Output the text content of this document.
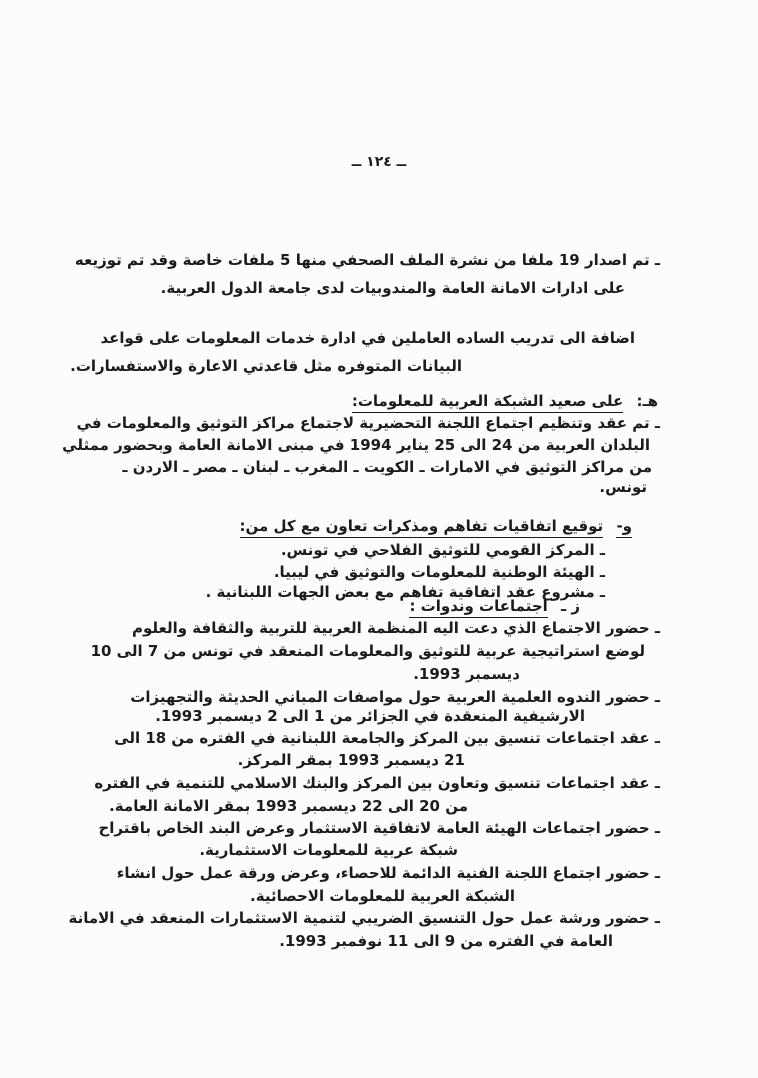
ــ ١٢٤ ــ
ـ تم اصدار 19 ملفا من نشرة الملف الصحفي منها 5 ملفات خاصة وقد تم توزيعه
على ادارات الامانة العامة والمندوبيات لدى جامعة الدول العربية.
اضافة الى تدريب الساده العاملين في ادارة خدمات المعلومات على قواعد
البيانات المتوفره مثل قاعدتي الاعارة والاستفسارات.
هـ: على صعيد الشبكة العربية للمعلومات:
ـ تم عقد وتنظيم اجتماع اللجنة التحضيرية لاجتماع مراكز التوثيق والمعلومات في
البلدان العربية من 24 الى 25 يناير 1994 في مبنى الامانة العامة وبحضور ممثلي
من مراكز التوثيق في الامارات ـ الكويت ـ المغرب ـ لبنان ـ مصر ـ الاردن ـ
تونس.
و- توقيع اتفاقيات تفاهم ومذكرات تعاون مع كل من:
ـ المركز القومي للتوثيق الفلاحي في تونس.
ـ الهيئة الوطنية للمعلومات والتوثيق في ليبيا.
ـ مشروع عقد اتفاقية تفاهم مع بعض الجهات اللبنانية .
ز ـ اجتماعات وندوات :
ـ حضور الاجتماع الذي دعت اليه المنظمة العربية للتربية والثقافة والعلوم
لوضع استراتيجية عربية للتوثيق والمعلومات المنعقد في تونس من 7 الى 10
ديسمبر 1993.
ـ حضور الندوه العلمية العربية حول مواصفات المباني الحديثة والتجهيزات
الارشيفية المنعقدة في الجزائر من 1 الى 2 ديسمبر 1993.
ـ عقد اجتماعات تنسيق بين المركز والجامعة اللبنانية في الفتره من 18 الى
21 ديسمبر 1993 بمقر المركز.
ـ عقد اجتماعات تنسيق وتعاون بين المركز والبنك الاسلامي للتنمية في الفتره
من 20 الى 22 ديسمبر 1993 بمقر الامانة العامة.
ـ حضور اجتماعات الهيئة العامة لاتفاقية الاستثمار وعرض البند الخاص باقتراح
شبكة عربية للمعلومات الاستثمارية.
ـ حضور اجتماع اللجنة الفنية الدائمة للاحصاء، وعرض ورقة عمل حول انشاء
الشبكة العربية للمعلومات الاحصائية.
ـ حضور ورشة عمل حول التنسيق الضريبي لتنمية الاستثمارات المنعقد في الامانة
العامة في الفتره من 9 الى 11 نوفمبر 1993.
